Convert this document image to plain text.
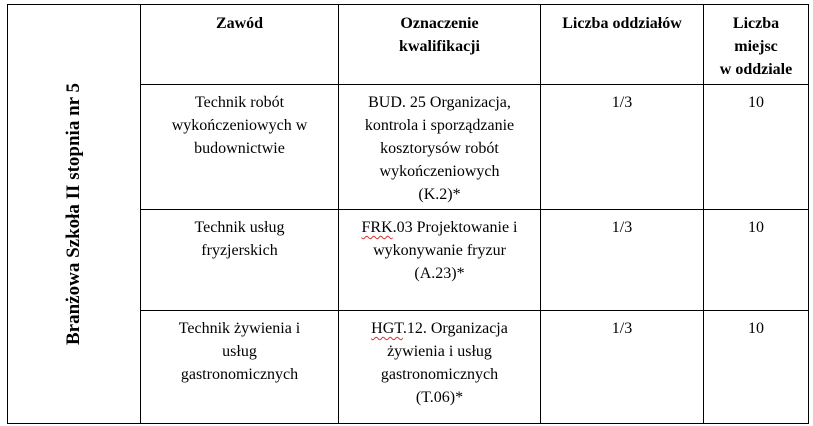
Branżowa Szkoła II stopnia nr 5	Zawód	Oznaczenie
kwalifikacji	Liczba oddziałów	Liczba
miejsc
w oddziale

	Technik robót
wykończeniowych w
budownictwie	BUD. 25 Organizacja,
kontrola i sporządzanie
kosztorysów robót
wykończeniowych
(K.2)*	1/3	10

	Technik usług
fryzjerskich	FRK.03 Projektowanie i
wykonywanie fryzur
(A.23)*	1/3	10

	Technik żywienia i
usług
gastronomicznych	HGT.12. Organizacja
żywienia i usług
gastronomicznych
(T.06)*	1/3	10
